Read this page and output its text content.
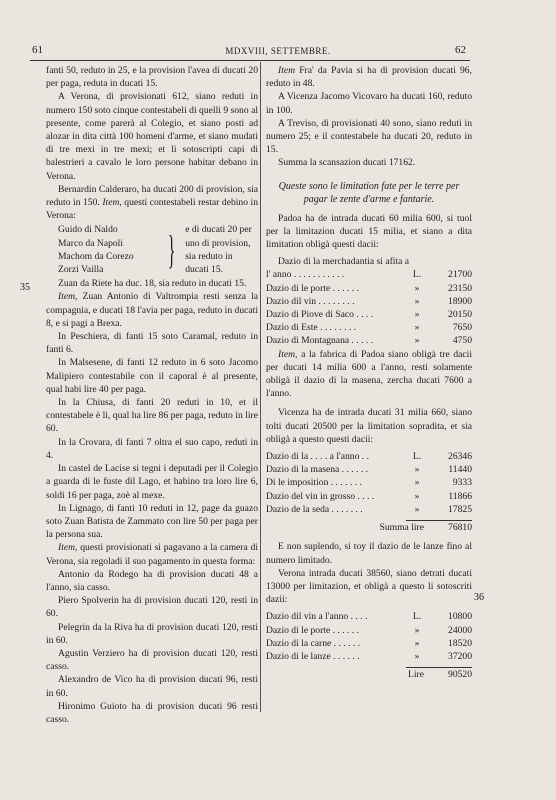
61	MDXVIII, SETTEMBRE.	62
35
36

fanti 50, reduto in 25, e la provision l'avea di ducati 20 per paga, reduta in ducati 15.

A Verona, di provisionati 612, siano reduti in numero 150 soto cinque contestabeli di quelli 9 sono al presente, come parerà al Colegio, et siano posti ad alozar in dita città 100 homeni d'arme, et siano mudati di tre mexi in tre mexi; et li sotoscripti capi di balestrieri a cavalo le loro persone habitar debano in Verona.

Bernardin Calderaro, ha ducati 200 di provision, sia reduto in 150. Item, questi contestabeli restar debino in Verona:

Guido di Naldo
Marco da Napoli
Machom da Corezo
Zorzi Vailla	} e di ducati 20 per uno di provision, sia reduto in ducati 15.

Zuan da Riete ha duc. 18, sia reduto in ducati 15.

Item, Zuan Antonio di Valtrompia resti senza la compagnia, e ducati 18 l'avia per paga, reduto in ducati 8, e si pagi a Brexa.

In Peschiera, di fanti 15 soto Caramal, reduto in fanti 6.

In Malsesene, di fanti 12 reduto in 6 soto Jacomo Malipiero contestabile con il caporal è al presente, qual habi lire 40 per paga.

In la Chiusa, di fanti 20 reduti in 10, et il contestabele è lì, qual ha lire 86 per paga, reduto in lire 60.

In la Crovara, di fanti 7 oltra el suo capo, reduti in 4.

In castel de Lacise si tegni i deputadi per il Colegio a guarda di le fuste dil Lago, et habino tra loro lire 6, soldi 16 per paga, zoè al mexe.

In Lignago, di fanti 10 reduti in 12, page da guazo soto Zuan Batista de Zammato con lire 50 per paga per la persona sua.

Item, questi provisionati si pagavano a la camera di Verona, sia regoladi il suo pagamento in questa forma:

Antonio da Rodego ha di provision ducati 48 a l'anno, sia casso.

Piero Spolverin ha di provision ducati 120, resti in 60.

Pelegrin da la Riva ha di provision ducati 120, resti in 60.

Agustin Verziero ha di provision ducati 120, resti casso.

Alexandro de Vico ha di provision ducati 96, resti in 60.

Hironimo Guioto ha di provision ducati 96 resti casso.

Item Fra' da Pavia si ha di provision ducati 96, reduto in 48.

A Vicenza Jacomo Vicovaro ha ducati 160, reduto in 100.

A Treviso, di provisionati 40 sono, siano reduti in numero 25; e il contestabele ha ducati 20, reduto in 15.

Summa la scansazion ducati 17162.

Queste sono le limitation fate per le terre per pagar le zente d'arme e fantarie.

Padoa ha de intrada ducati 60 milia 600, si tuol per la limitazion ducati 15 milia, et siano a dita limitation obligà questi dacii:

Dazio di la merchadantia si afita a
l' anno . . . . . . . . . . .	L.	21700
Dazio di le porte . . . . . .	»	23150
Dazio dil vin . . . . . . . .	»	18900
Dazio di Piove di Saco . . . .	»	20150
Dazio di Este . . . . . . . .	»	7650
Dazio di Montagnana . . . . .	»	4750

Item, a la fabrica di Padoa siano obligà tre dacii per ducati 14 milia 600 a l'anno, resti solamente obligà il dazio di la masena, zercha ducati 7600 a l'anno.

Vicenza ha de intrada ducati 31 milia 660, siano tolti ducati 20500 per la limitation sopradita, et sia obligà a questo questi dacii:

Dazio di la . . . . a l'anno . .	L.	26346
Dazio di la masena . . . . . .	»	11440
Di le imposition . . . . . . .	»	9333
Dazio del vin in grosso . . . .	»	11866
Dazio de la seda . . . . . . .	»	17825
Summa lire	76810

E non suplendo, si toy il dazio de le lanze fino al numero limitado.

Verona intrada ducati 38560, siano detrati ducati 13000 per limitazion, et obligà a questo li sotoscriti dazii:

Dazio dil vin a l'anno . . . .	L.	10800
Dazio di le porte . . . . . .	»	24000
Dazio di la carne . . . . . .	»	18520
Dazio di le lanze . . . . . .	»	37200
Lire	90520
